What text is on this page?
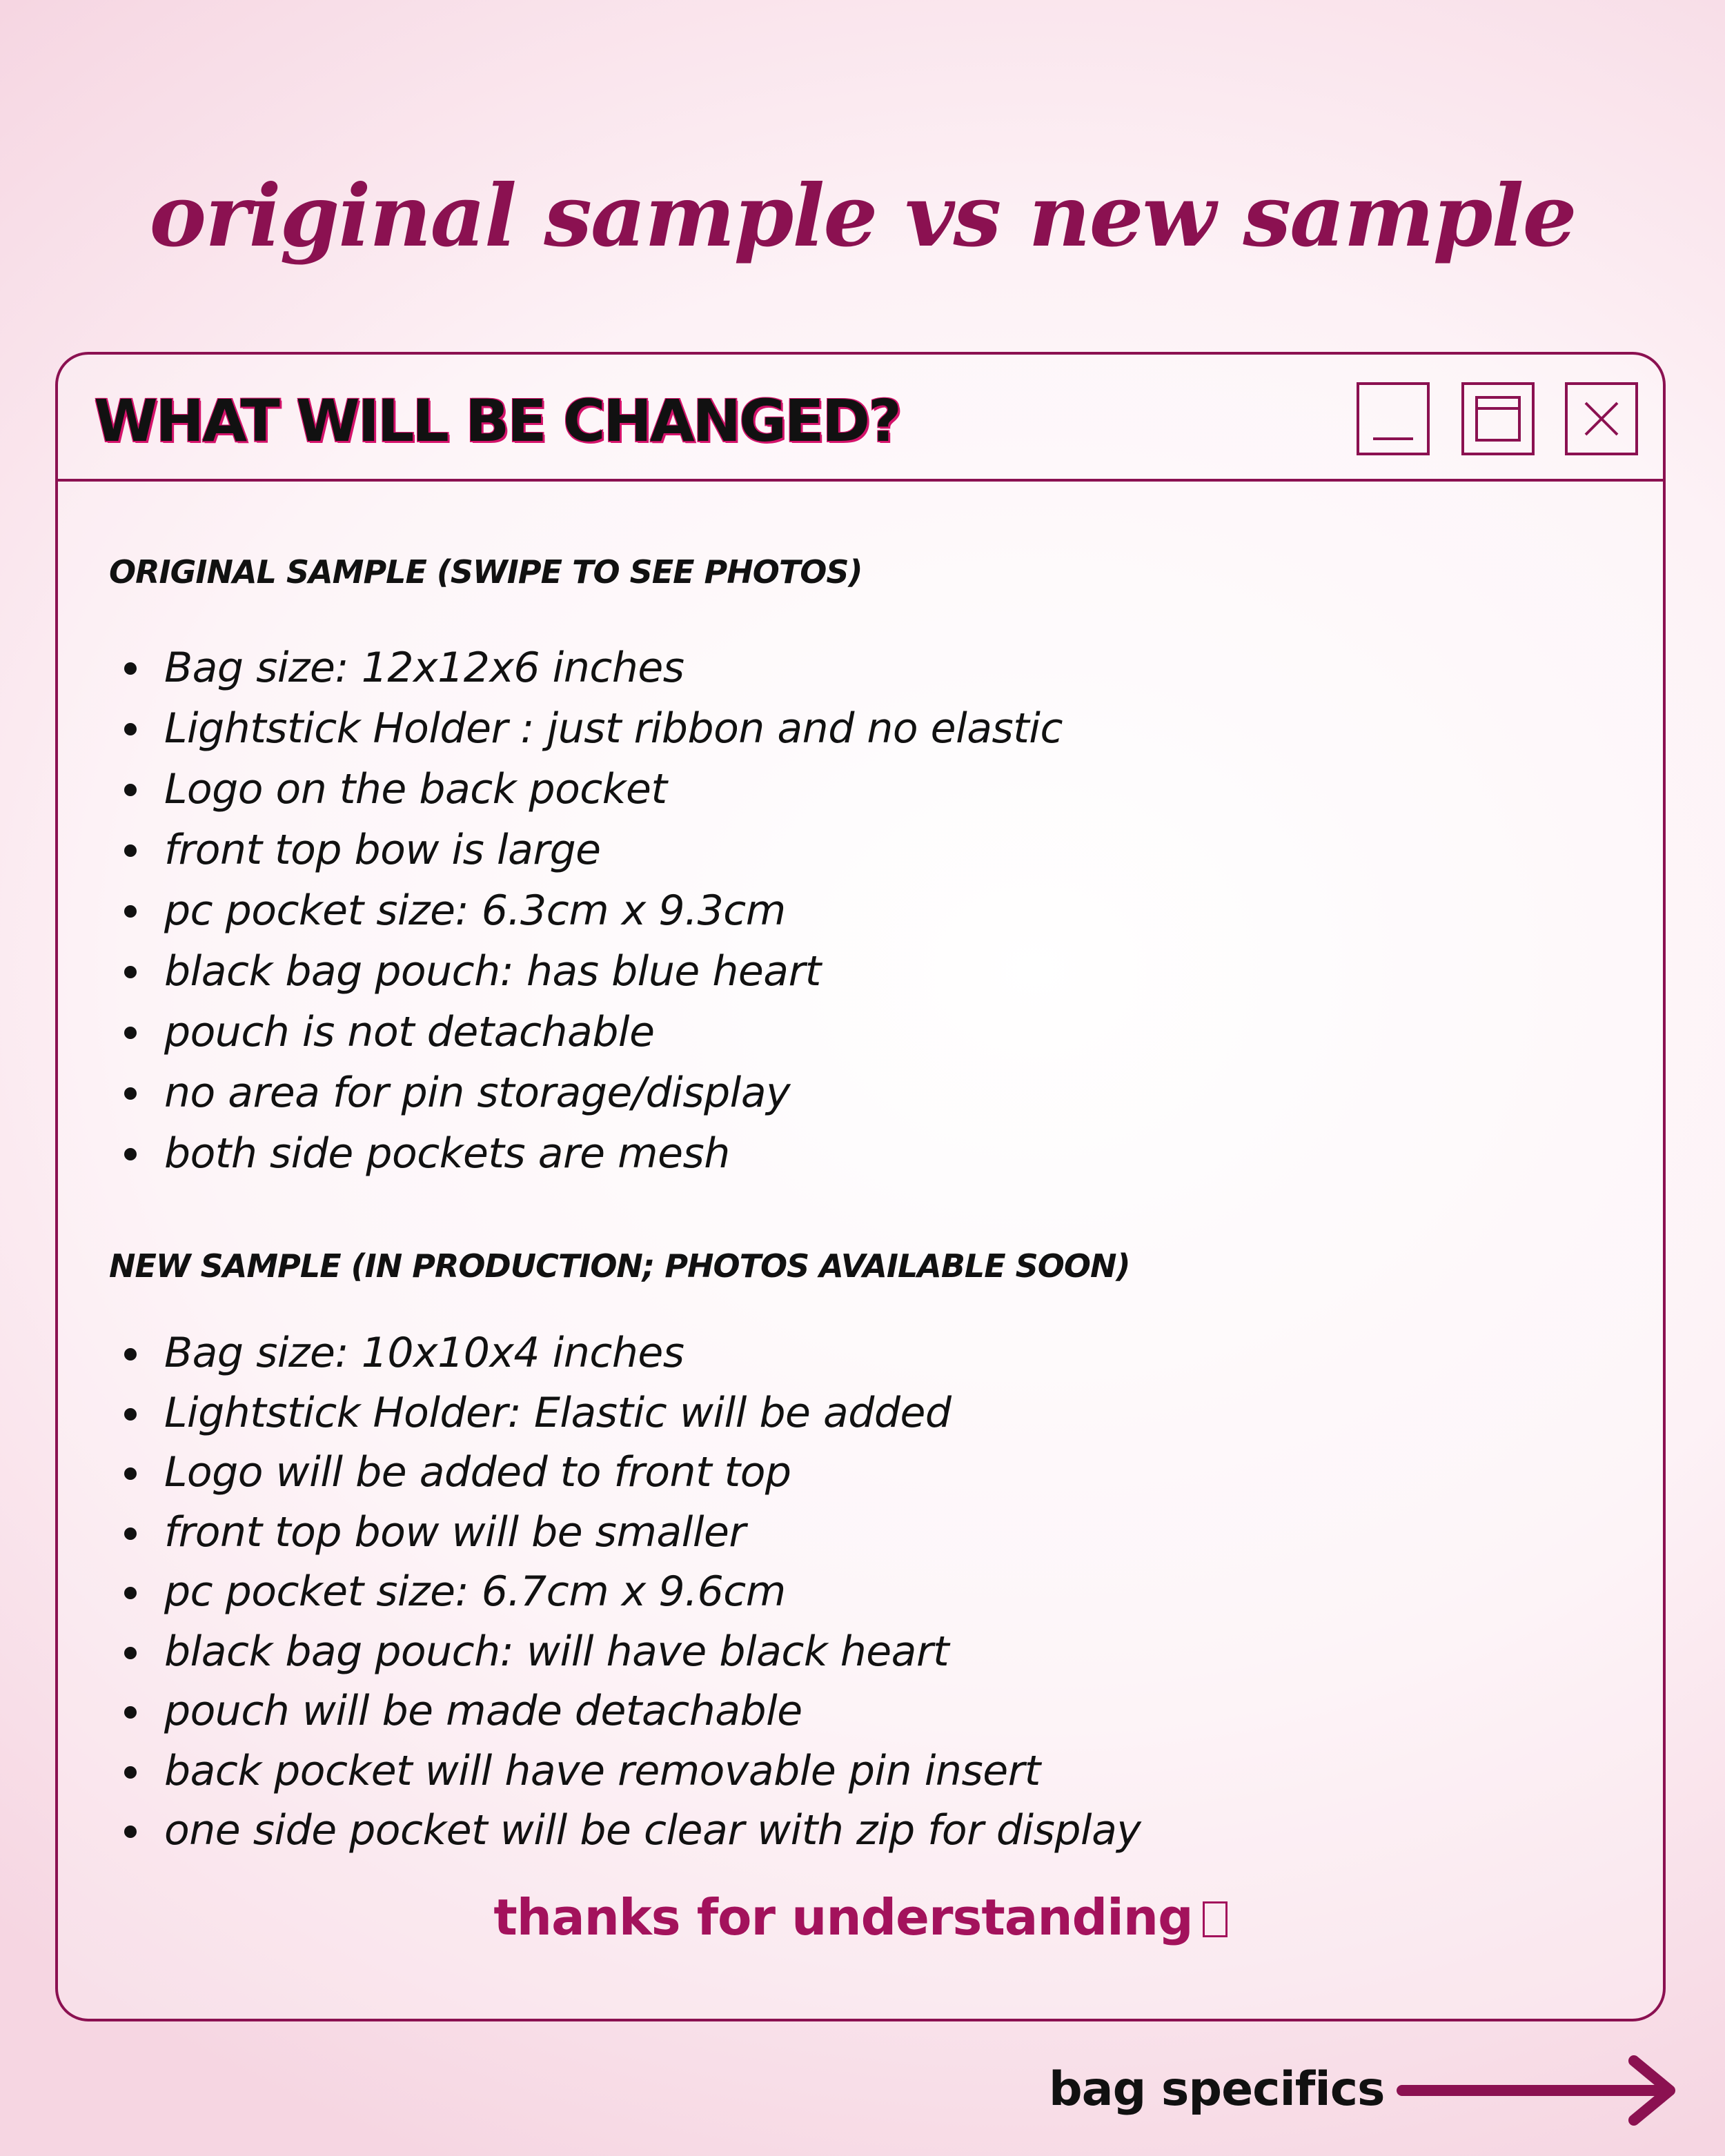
original sample vs new sample
WHAT WILL BE CHANGED?
ORIGINAL SAMPLE (SWIPE TO SEE PHOTOS)
Bag size: 12x12x6 inches
Lightstick Holder : just ribbon and no elastic
Logo on the back pocket
front top bow is large
pc pocket size: 6.3cm x 9.3cm
black bag pouch: has blue heart
pouch is not detachable
no area for pin storage/display
both side pockets are mesh
NEW SAMPLE (IN PRODUCTION; PHOTOS AVAILABLE SOON)
Bag size: 10x10x4 inches
Lightstick Holder: Elastic will be added
Logo will be added to front top
front top bow will be smaller
pc pocket size: 6.7cm x 9.6cm
black bag pouch: will have black heart
pouch will be made detachable
back pocket will have removable pin insert
one side pocket will be clear with zip for display
thanks for understanding
bag specifics
